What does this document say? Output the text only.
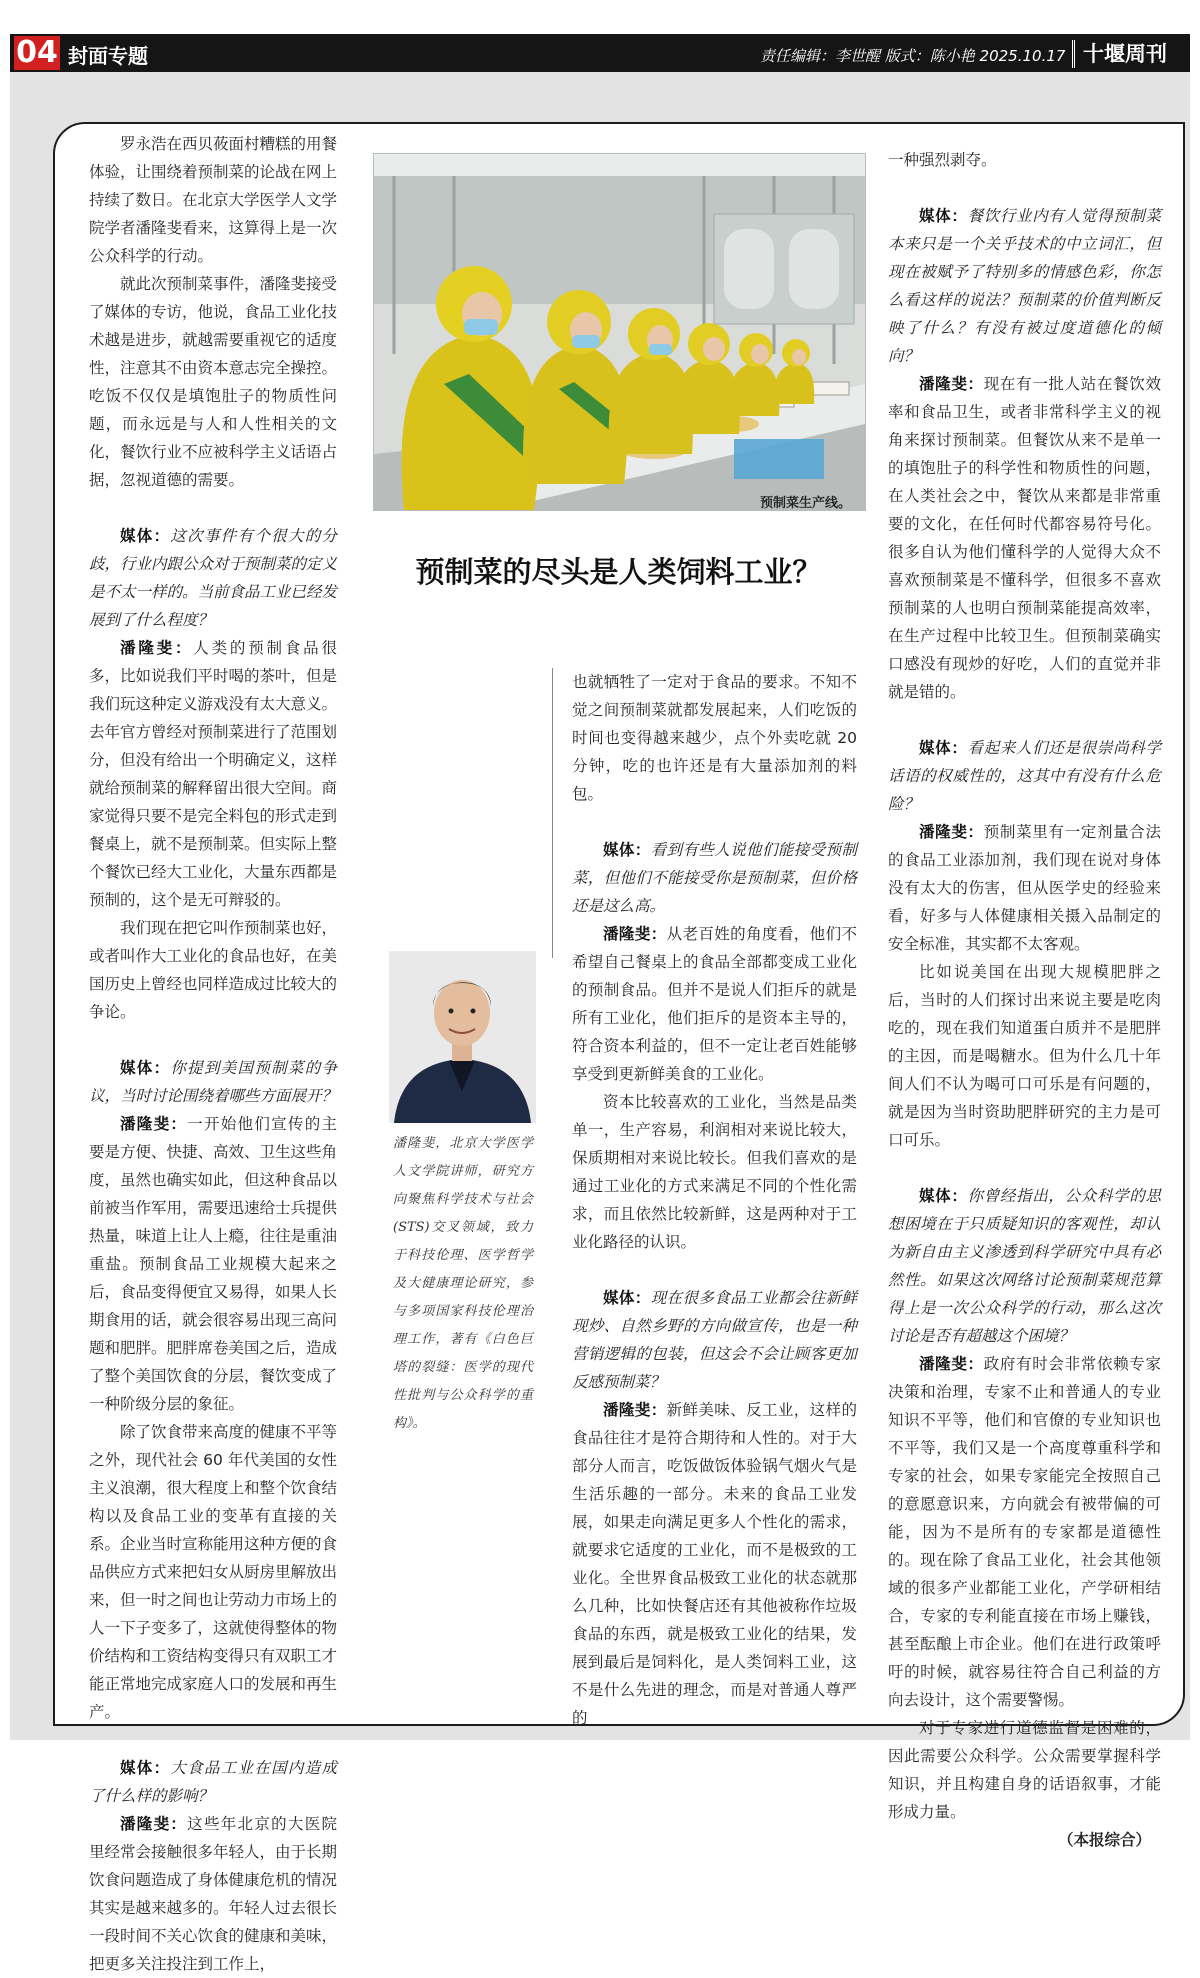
04 封面专题	责任编辑：李世醒 版式：陈小艳 2025.10.17 十堰周刊
预制菜生产线。
预制菜的尽头是人类饲料工业？
潘隆斐，北京大学医学人文学院讲师，研究方向聚焦科学技术与社会(STS)交叉领域，致力于科技伦理、医学哲学及大健康理论研究，参与多项国家科技伦理治理工作，著有《白色巨塔的裂缝：医学的现代性批判与公众科学的重构》。

罗永浩在西贝莜面村糟糕的用餐体验，让围绕着预制菜的论战在网上持续了数日。在北京大学医学人文学院学者潘隆斐看来，这算得上是一次公众科学的行动。

就此次预制菜事件，潘隆斐接受了媒体的专访，他说，食品工业化技术越是进步，就越需要重视它的适度性，注意其不由资本意志完全操控。吃饭不仅仅是填饱肚子的物质性问题，而永远是与人和人性相关的文化，餐饮行业不应被科学主义话语占据，忽视道德的需要。

媒体：这次事件有个很大的分歧，行业内跟公众对于预制菜的定义是不太一样的。当前食品工业已经发展到了什么程度？

潘隆斐：人类的预制食品很多，比如说我们平时喝的茶叶，但是我们玩这种定义游戏没有太大意义。去年官方曾经对预制菜进行了范围划分，但没有给出一个明确定义，这样就给预制菜的解释留出很大空间。商家觉得只要不是完全料包的形式走到餐桌上，就不是预制菜。但实际上整个餐饮已经大工业化，大量东西都是预制的，这个是无可辩驳的。

我们现在把它叫作预制菜也好，或者叫作大工业化的食品也好，在美国历史上曾经也同样造成过比较大的争论。

媒体：你提到美国预制菜的争议，当时讨论围绕着哪些方面展开？

潘隆斐：一开始他们宣传的主要是方便、快捷、高效、卫生这些角度，虽然也确实如此，但这种食品以前被当作军用，需要迅速给士兵提供热量，味道上让人上瘾，往往是重油重盐。预制食品工业规模大起来之后，食品变得便宜又易得，如果人长期食用的话，就会很容易出现三高问题和肥胖。肥胖席卷美国之后，造成了整个美国饮食的分层，餐饮变成了一种阶级分层的象征。

除了饮食带来高度的健康不平等之外，现代社会 60 年代美国的女性主义浪潮，很大程度上和整个饮食结构以及食品工业的变革有直接的关系。企业当时宣称能用这种方便的食品供应方式来把妇女从厨房里解放出来，但一时之间也让劳动力市场上的人一下子变多了，这就使得整体的物价结构和工资结构变得只有双职工才能正常地完成家庭人口的发展和再生产。

媒体：大食品工业在国内造成了什么样的影响？

潘隆斐：这些年北京的大医院里经常会接触很多年轻人，由于长期饮食问题造成了身体健康危机的情况其实是越来越多的。年轻人过去很长一段时间不关心饮食的健康和美味，把更多关注投注到工作上，

也就牺牲了一定对于食品的要求。不知不觉之间预制菜就都发展起来，人们吃饭的时间也变得越来越少，点个外卖吃就 20 分钟，吃的也许还是有大量添加剂的料包。

媒体：看到有些人说他们能接受预制菜，但他们不能接受你是预制菜，但价格还是这么高。

潘隆斐：从老百姓的角度看，他们不希望自己餐桌上的食品全部都变成工业化的预制食品。但并不是说人们拒斥的就是所有工业化，他们拒斥的是资本主导的，符合资本利益的，但不一定让老百姓能够享受到更新鲜美食的工业化。

资本比较喜欢的工业化，当然是品类单一，生产容易，利润相对来说比较大，保质期相对来说比较长。但我们喜欢的是通过工业化的方式来满足不同的个性化需求，而且依然比较新鲜，这是两种对于工业化路径的认识。

媒体：现在很多食品工业都会往新鲜现炒、自然乡野的方向做宣传，也是一种营销逻辑的包装，但这会不会让顾客更加反感预制菜？

潘隆斐：新鲜美味、反工业，这样的食品往往才是符合期待和人性的。对于大部分人而言，吃饭做饭体验锅气烟火气是生活乐趣的一部分。未来的食品工业发展，如果走向满足更多人个性化的需求，就要求它适度的工业化，而不是极致的工业化。全世界食品极致工业化的状态就那么几种，比如快餐店还有其他被称作垃圾食品的东西，就是极致工业化的结果，发展到最后是饲料化，是人类饲料工业，这不是什么先进的理念，而是对普通人尊严的

一种强烈剥夺。

媒体：餐饮行业内有人觉得预制菜本来只是一个关乎技术的中立词汇，但现在被赋予了特别多的情感色彩，你怎么看这样的说法？预制菜的价值判断反映了什么？有没有被过度道德化的倾向？

潘隆斐：现在有一批人站在餐饮效率和食品卫生，或者非常科学主义的视角来探讨预制菜。但餐饮从来不是单一的填饱肚子的科学性和物质性的问题，在人类社会之中，餐饮从来都是非常重要的文化，在任何时代都容易符号化。很多自认为他们懂科学的人觉得大众不喜欢预制菜是不懂科学，但很多不喜欢预制菜的人也明白预制菜能提高效率，在生产过程中比较卫生。但预制菜确实口感没有现炒的好吃，人们的直觉并非就是错的。

媒体：看起来人们还是很崇尚科学话语的权威性的，这其中有没有什么危险？

潘隆斐：预制菜里有一定剂量合法的食品工业添加剂，我们现在说对身体没有太大的伤害，但从医学史的经验来看，好多与人体健康相关摄入品制定的安全标准，其实都不太客观。

比如说美国在出现大规模肥胖之后，当时的人们探讨出来说主要是吃肉吃的，现在我们知道蛋白质并不是肥胖的主因，而是喝糖水。但为什么几十年间人们不认为喝可口可乐是有问题的，就是因为当时资助肥胖研究的主力是可口可乐。

媒体：你曾经指出，公众科学的思想困境在于只质疑知识的客观性，却认为新自由主义渗透到科学研究中具有必然性。如果这次网络讨论预制菜规范算得上是一次公众科学的行动，那么这次讨论是否有超越这个困境？

潘隆斐：政府有时会非常依赖专家决策和治理，专家不止和普通人的专业知识不平等，他们和官僚的专业知识也不平等，我们又是一个高度尊重科学和专家的社会，如果专家能完全按照自己的意愿意识来，方向就会有被带偏的可能，因为不是所有的专家都是道德性的。现在除了食品工业化，社会其他领域的很多产业都能工业化，产学研相结合，专家的专利能直接在市场上赚钱，甚至酝酿上市企业。他们在进行政策呼吁的时候，就容易往符合自己利益的方向去设计，这个需要警惕。

对于专家进行道德监督是困难的，因此需要公众科学。公众需要掌握科学知识，并且构建自身的话语叙事，才能形成力量。

（本报综合）
